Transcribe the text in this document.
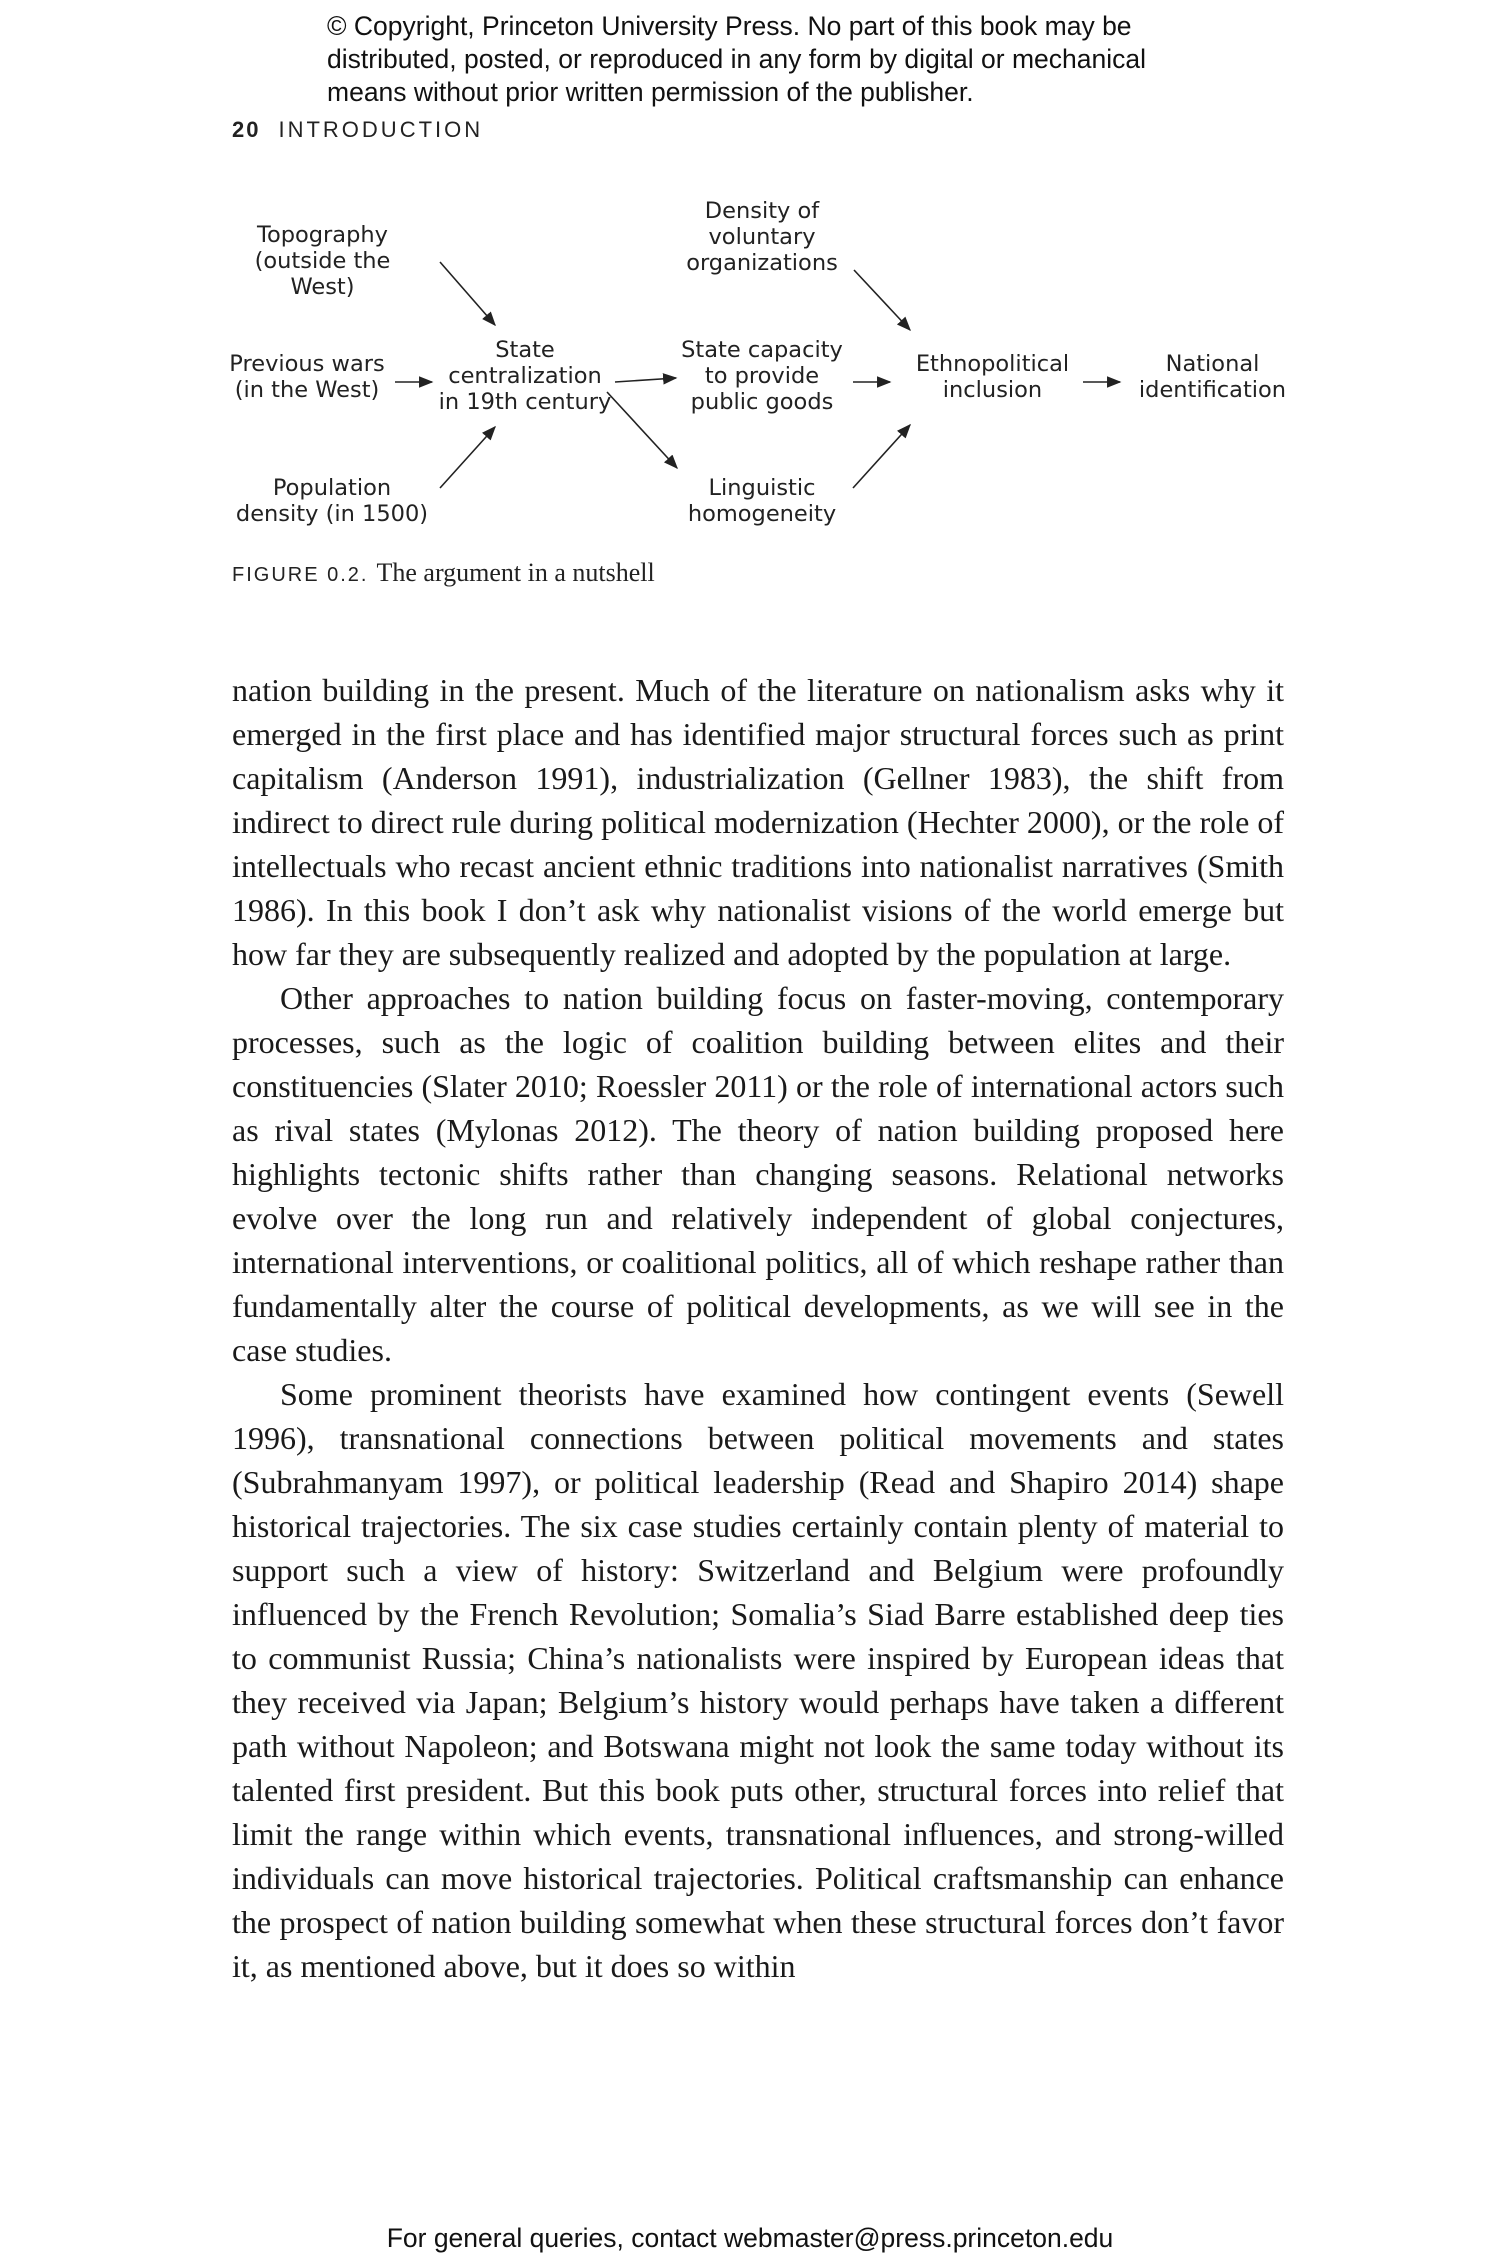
© Copyright, Princeton University Press. No part of this book may be
distributed, posted, or reproduced in any form by digital or mechanical
means without prior written permission of the publisher.
20 INTRODUCTION
Topography
(outside the West)
Previous wars
(in the West)
Population
density (in 1500)
State
centralization
in 19th century
Density of
voluntary
organizations
State capacity
to provide
public goods
Linguistic
homogeneity
Ethnopolitical
inclusion
National
identification
FIGURE 0.2. The argument in a nutshell

nation building in the present. Much of the literature on nationalism asks why it emerged in the first place and has identified major structural forces such as print capitalism (Anderson 1991), industrialization (Gellner 1983), the shift from indirect to direct rule during political modernization (Hechter 2000), or the role of intellectuals who recast ancient ethnic traditions into nationalist narratives (Smith 1986). In this book I don’t ask why nationalist visions of the world emerge but how far they are subsequently realized and adopted by the population at large.

Other approaches to nation building focus on faster-moving, contemporary processes, such as the logic of coalition building between elites and their constituencies (Slater 2010; Roessler 2011) or the role of international actors such as rival states (Mylonas 2012). The theory of nation building proposed here highlights tectonic shifts rather than changing seasons. Relational networks evolve over the long run and relatively independent of global conjectures, international interventions, or coalitional politics, all of which reshape rather than fundamentally alter the course of political developments, as we will see in the case studies.

Some prominent theorists have examined how contingent events (Sewell 1996), transnational connections between political movements and states (Subrahmanyam 1997), or political leadership (Read and Shapiro 2014) shape historical trajectories. The six case studies certainly contain plenty of material to support such a view of history: Switzerland and Belgium were profoundly influenced by the French Revolution; Somalia’s Siad Barre established deep ties to communist Russia; China’s nationalists were inspired by European ideas that they received via Japan; Belgium’s history would perhaps have taken a different path without Napoleon; and Botswana might not look the same today without its talented first president. But this book puts other, structural forces into relief that limit the range within which events, transnational influences, and strong-willed individuals can move historical trajectories. Political craftsmanship can enhance the prospect of nation building somewhat when these structural forces don’t favor it, as mentioned above, but it does so within

For general queries, contact webmaster@press.princeton.edu
